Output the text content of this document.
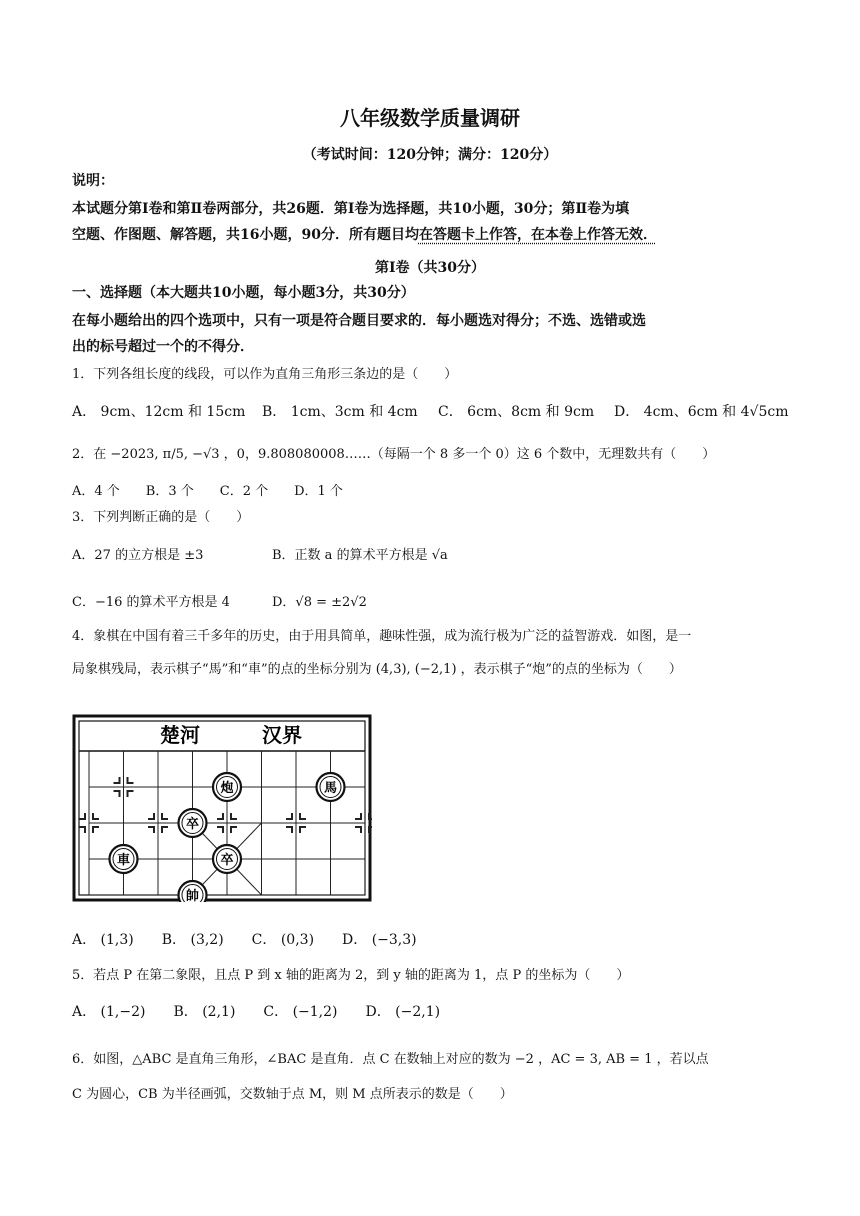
八年级数学质量调研
（考试时间：120分钟；满分：120分）
说明：
本试题分第Ⅰ卷和第Ⅱ卷两部分，共26题．第Ⅰ卷为选择题，共10小题，30分；第Ⅱ卷为填
空题、作图题、解答题，共16小题，90分．所有题目均在答题卡上作答，在本卷上作答无效．
第Ⅰ卷（共30分）
一、选择题（本大题共10小题，每小题3分，共30分）
在每小题给出的四个选项中，只有一项是符合题目要求的．每小题选对得分；不选、选错或选
出的标号超过一个的不得分．
1．下列各组长度的线段，可以作为直角三角形三条边的是（　　）
A． 9cm、12cm 和 15cm B． 1cm、3cm 和 4cm C． 6cm、8cm 和 9cm D． 4cm、6cm 和 4√5cm
2．在 −2023, π/5, −√3 ，0，9.808080008……（每隔一个 8 多一个 0）这 6 个数中，无理数共有（　　）
A．4 个　　B．3 个　　C．2 个　　D．1 个
3．下列判断正确的是（　　）
A．27 的立方根是 ±3	B．正数 a 的算术平方根是 √a
C．−16 的算术平方根是 4	D．√8 = ±2√2
4．象棋在中国有着三千多年的历史，由于用具简单，趣味性强，成为流行极为广泛的益智游戏．如图，是一
局象棋残局，表示棋子“馬”和“車”的点的坐标分别为 (4,3), (−2,1) ，表示棋子“炮”的点的坐标为（　　）
楚河	汉界
炮	馬
卒
卒
車
帥
A． (1,3)　　B． (3,2)　　C． (0,3)　　D． (−3,3)
5．若点 P 在第二象限，且点 P 到 x 轴的距离为 2，到 y 轴的距离为 1，点 P 的坐标为（　　）
A． (1,−2)　　B． (2,1)　　C． (−1,2)　　D． (−2,1)
6．如图，△ABC 是直角三角形，∠BAC 是直角．点 C 在数轴上对应的数为 −2 ，AC = 3, AB = 1 ，若以点
C 为圆心，CB 为半径画弧，交数轴于点 M，则 M 点所表示的数是（　　）
